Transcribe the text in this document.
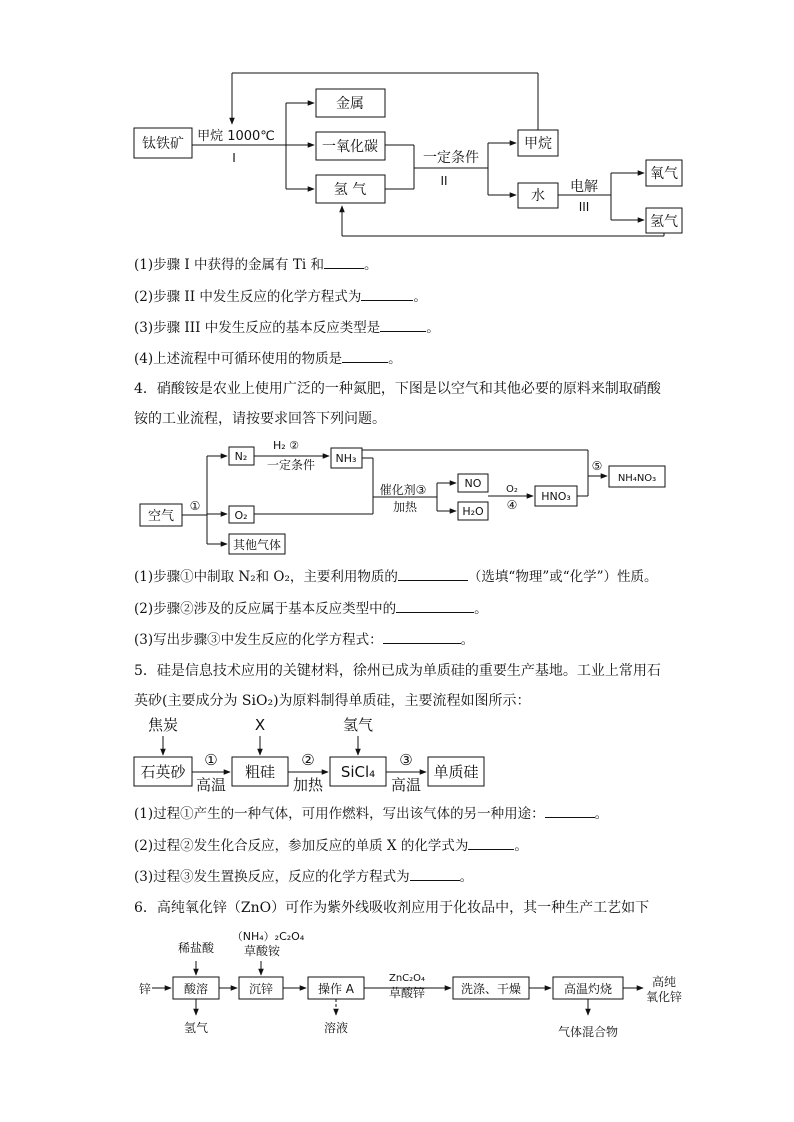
钛铁矿 甲烷 1000℃
I
金属
一氧化碳
氢 气
一定条件
II
甲烷
水
电解
III
氧气
氢气
(1)步骤 I 中获得的金属有 Ti 和	。
(2)步骤 II 中发生反应的化学方程式为	。
(3)步骤 III 中发生反应的基本反应类型是	。
(4)上述流程中可循环使用的物质是	。
4．硝酸铵是农业上使用广泛的一种氮肥，下图是以空气和其他必要的原料来制取硝酸铵的工业流程，请按要求回答下列问题。
空气
①
N₂
O₂
其他气体
H₂ ②
一定条件 NH₃
催化剂③
加热
NO
H₂O
O₂
④
HNO₃
⑤
NH₄NO₃
(1)步骤①中制取 N₂和 O₂，主要利用物质的	（选填“物理”或“化学”）性质。
(2)步骤②涉及的反应属于基本反应类型中的	。
(3)写出步骤③中发生反应的化学方程式：	。
5．硅是信息技术应用的关键材料，徐州已成为单质硅的重要生产基地。工业上常用石英砂(主要成分为 SiO₂)为原料制得单质硅，主要流程如图所示：
焦炭	X	氢气
石英砂
①
高温
粗硅
②
加热
SiCl₄
③
高温
单质硅
(1)过程①产生的一种气体，可用作燃料，写出该气体的另一种用途：	。
(2)过程②发生化合反应，参加反应的单质 X 的化学式为	。
(3)过程③发生置换反应，反应的化学方程式为	。
6．高纯氧化锌（ZnO）可作为紫外线吸收剂应用于化妆品中，其一种生产工艺如下
稀盐酸
（NH₄）₂C₂O₄
草酸铵
锌	酸溶	沉锌	操作 A
ZnC₂O₄
草酸锌	洗涤、干燥	高温灼烧	高纯
氧化锌
氢气	溶液	气体混合物
